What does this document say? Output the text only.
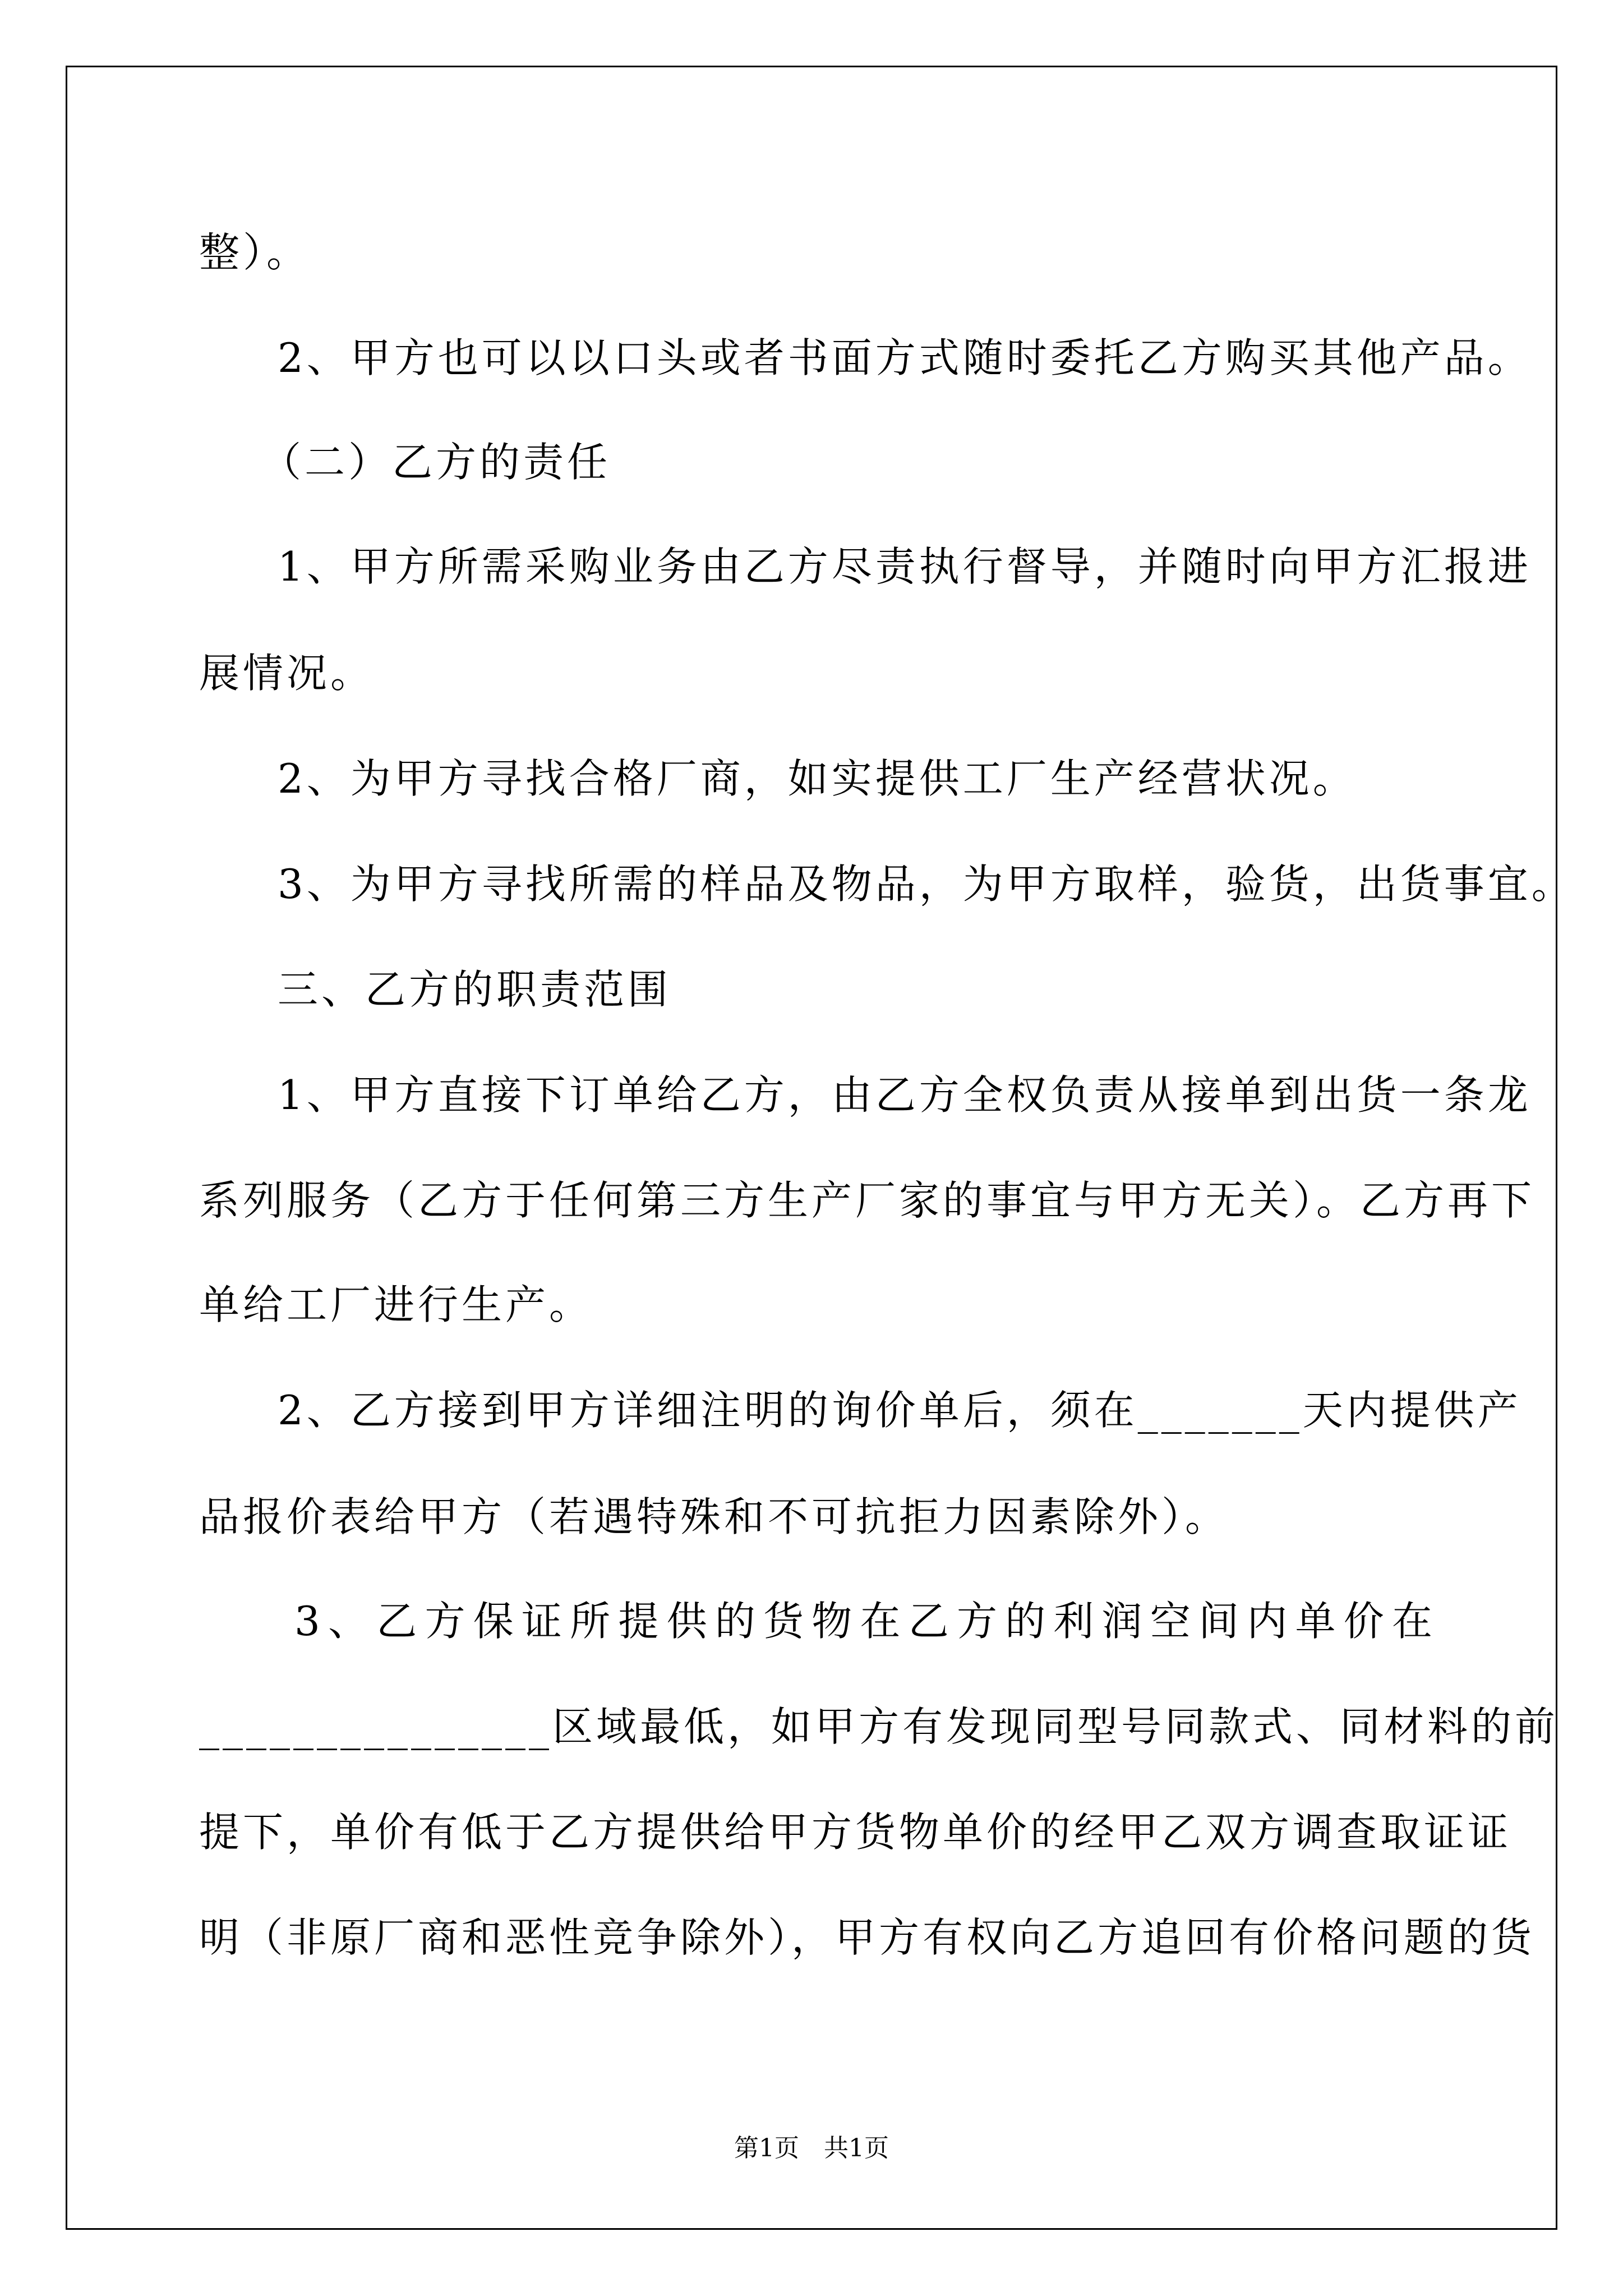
整）。
2、甲方也可以以口头或者书面方式随时委托乙方购买其他产品。
（二）乙方的责任
1、甲方所需采购业务由乙方尽责执行督导，并随时向甲方汇报进
展情况。
2、为甲方寻找合格厂商，如实提供工厂生产经营状况。
3、为甲方寻找所需的样品及物品，为甲方取样，验货，出货事宜。
三、乙方的职责范围
1、甲方直接下订单给乙方，由乙方全权负责从接单到出货一条龙
系列服务（乙方于任何第三方生产厂家的事宜与甲方无关）。乙方再下
单给工厂进行生产。
2、乙方接到甲方详细注明的询价单后，须在_______天内提供产
品报价表给甲方（若遇特殊和不可抗拒力因素除外）。
3、乙方保证所提供的货物在乙方的利润空间内单价在
_______________区域最低，如甲方有发现同型号同款式、同材料的前
提下，单价有低于乙方提供给甲方货物单价的经甲乙双方调查取证证
明（非原厂商和恶性竞争除外），甲方有权向乙方追回有价格问题的货
第1页　共1页
